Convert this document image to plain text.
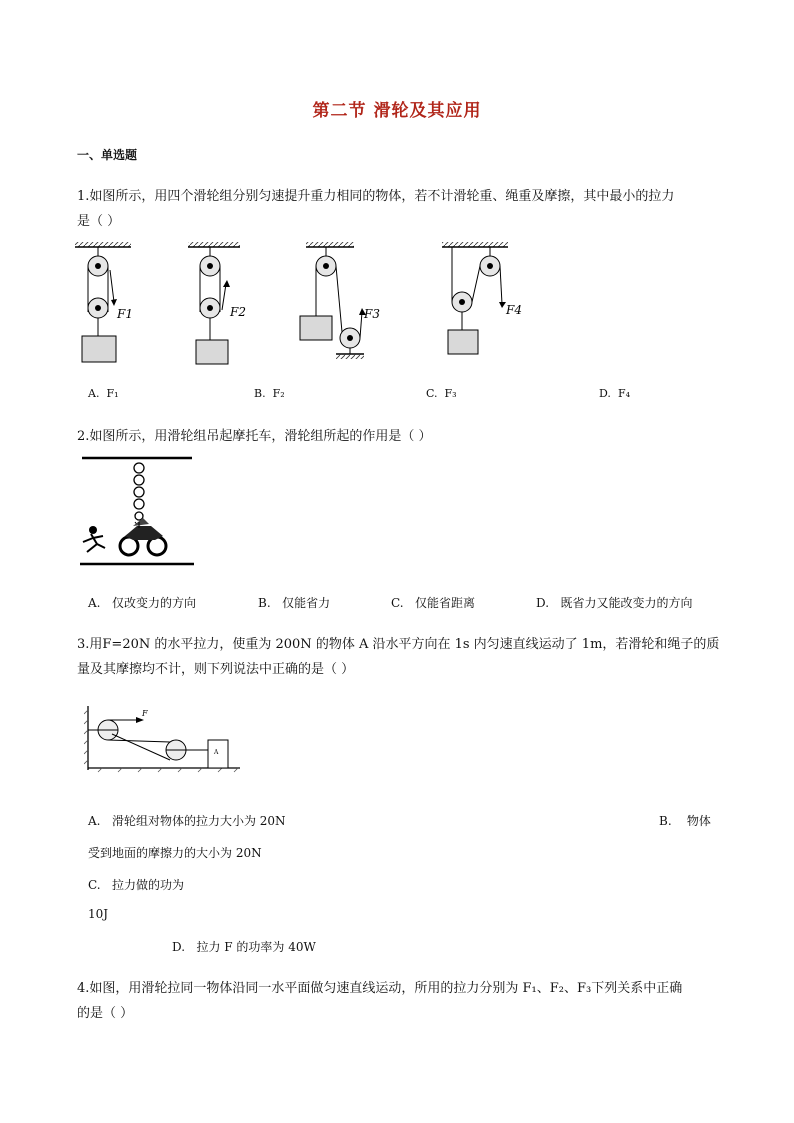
第二节 滑轮及其应用
一、单选题
1.如图所示，用四个滑轮组分别匀速提升重力相同的物体，若不计滑轮重、绳重及摩擦，其中最小的拉力
是（ ）
F1	F2	F3	F4
A. F₁	B. F₂	C. F₃	D. F₄
2.如图所示，用滑轮组吊起摩托车，滑轮组所起的作用是（ ）
A. 仅改变力的方向	B. 仅能省力	C. 仅能省距离	D. 既省力又能改变力的方向
3.用F=20N 的水平拉力，使重为 200N 的物体 A 沿水平方向在 1s 内匀速直线运动了 1m，若滑轮和绳子的质
量及其摩擦均不计，则下列说法中正确的是（ ）
F
A
A. 滑轮组对物体的拉力大小为 20N	B. 物体
受到地面的摩擦力的大小为 20N
C. 拉力做的功为
10J
D. 拉力 F 的功率为 40W
4.如图，用滑轮拉同一物体沿同一水平面做匀速直线运动，所用的拉力分别为 F₁、F₂、F₃下列关系中正确
的是（ ）
